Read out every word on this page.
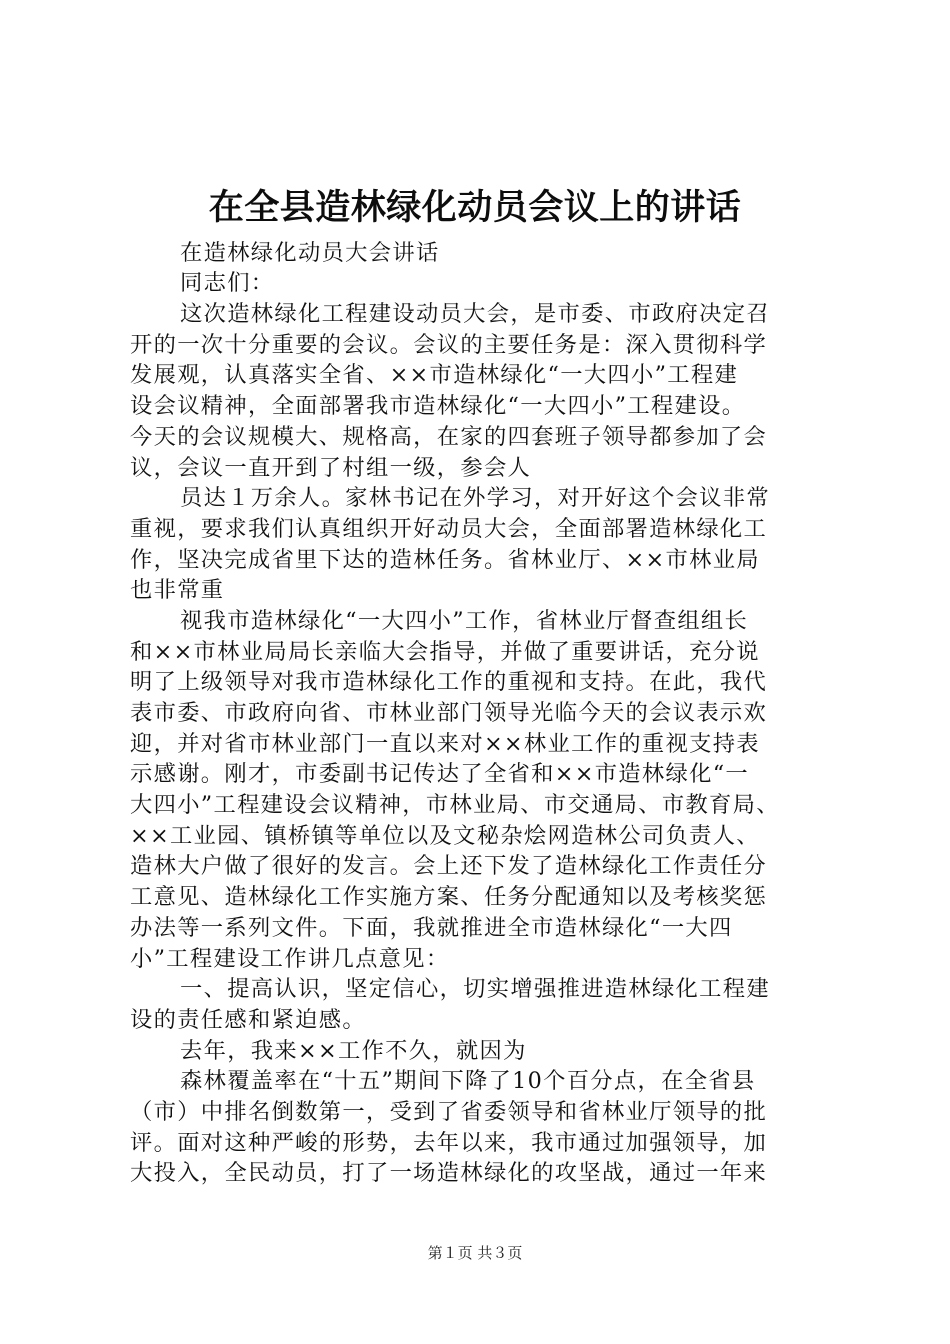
在全县造林绿化动员会议上的讲话
在造林绿化动员大会讲话
同志们：
这次造林绿化工程建设动员大会，是市委、市政府决定召
开的一次十分重要的会议。会议的主要任务是：深入贯彻科学
发展观，认真落实全省、××市造林绿化“一大四小”工程建
设会议精神，全面部署我市造林绿化“一大四小”工程建设。
今天的会议规模大、规格高，在家的四套班子领导都参加了会
议，会议一直开到了村组一级，参会人
员达１万余人。家林书记在外学习，对开好这个会议非常
重视，要求我们认真组织开好动员大会，全面部署造林绿化工
作，坚决完成省里下达的造林任务。省林业厅、××市林业局
也非常重
视我市造林绿化“一大四小”工作，省林业厅督查组组长
和××市林业局局长亲临大会指导，并做了重要讲话，充分说
明了上级领导对我市造林绿化工作的重视和支持。在此，我代
表市委、市政府向省、市林业部门领导光临今天的会议表示欢
迎，并对省市林业部门一直以来对××林业工作的重视支持表
示感谢。刚才，市委副书记传达了全省和××市造林绿化“一
大四小”工程建设会议精神，市林业局、市交通局、市教育局、
××工业园、镇桥镇等单位以及文秘杂烩网造林公司负责人、
造林大户做了很好的发言。会上还下发了造林绿化工作责任分
工意见、造林绿化工作实施方案、任务分配通知以及考核奖惩
办法等一系列文件。下面，我就推进全市造林绿化“一大四
小”工程建设工作讲几点意见：
一、提高认识，坚定信心，切实增强推进造林绿化工程建
设的责任感和紧迫感。
去年，我来××工作不久，就因为
森林覆盖率在“十五”期间下降了10个百分点，在全省县
（市）中排名倒数第一，受到了省委领导和省林业厅领导的批
评。面对这种严峻的形势，去年以来，我市通过加强领导，加
大投入，全民动员，打了一场造林绿化的攻坚战，通过一年来
第１页 共３页
